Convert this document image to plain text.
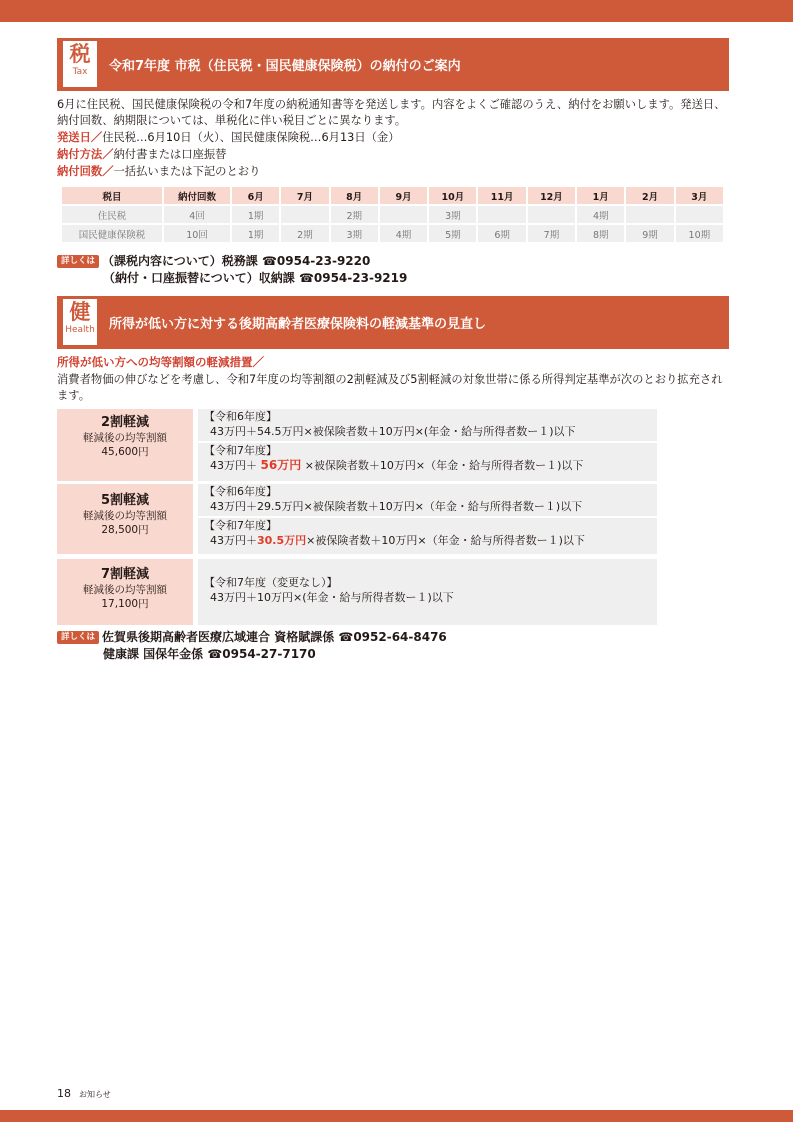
税
Tax	令和7年度 市税（住民税・国民健康保険税）の納付のご案内
6月に住民税、国民健康保険税の令和7年度の納税通知書等を発送します。内容をよくご確認のうえ、納付をお願いします。発送日、納付回数、納期限については、単税化に伴い税目ごとに異なります。
発送日／住民税…6月10日（火）、国民健康保険税…6月13日（金）
納付方法／納付書または口座振替
納付回数／一括払いまたは下記のとおり
税目	納付回数	6月	7月	8月	9月	10月	11月	12月	1月	2月	3月
住民税	4回	1期		2期		3期			4期		
国民健康保険税	10回	1期	2期	3期	4期	5期	6期	7期	8期	9期	10期
詳しくは （課税内容について）税務課 ☎0954-23-9220
（納付・口座振替について）収納課 ☎0954-23-9219
健
Health 所得が低い方に対する後期高齢者医療保険料の軽減基準の見直し
所得が低い方への均等割額の軽減措置／
消費者物価の伸びなどを考慮し、令和7年度の均等割額の2割軽減及び5割軽減の対象世帯に係る所得判定基準が次のとおり拡充されます。
2割軽減
軽減後の均等割額
45,600円
【令和6年度】
43万円＋54.5万円×被保険者数＋10万円×(年金・給与所得者数ー１)以下
【令和7年度】
43万円＋ 56万円 ×被保険者数＋10万円×（年金・給与所得者数ー１)以下
5割軽減
軽減後の均等割額
28,500円
【令和6年度】
43万円＋29.5万円×被保険者数＋10万円×（年金・給与所得者数ー１)以下
【令和7年度】
43万円＋30.5万円×被保険者数＋10万円×（年金・給与所得者数ー１)以下
7割軽減
軽減後の均等割額
17,100円
【令和7年度（変更なし）】
43万円＋10万円×(年金・給与所得者数ー１)以下
詳しくは 佐賀県後期高齢者医療広域連合 資格賦課係 ☎0952-64-8476
健康課 国保年金係 ☎0954-27-7170
18 お知らせ
